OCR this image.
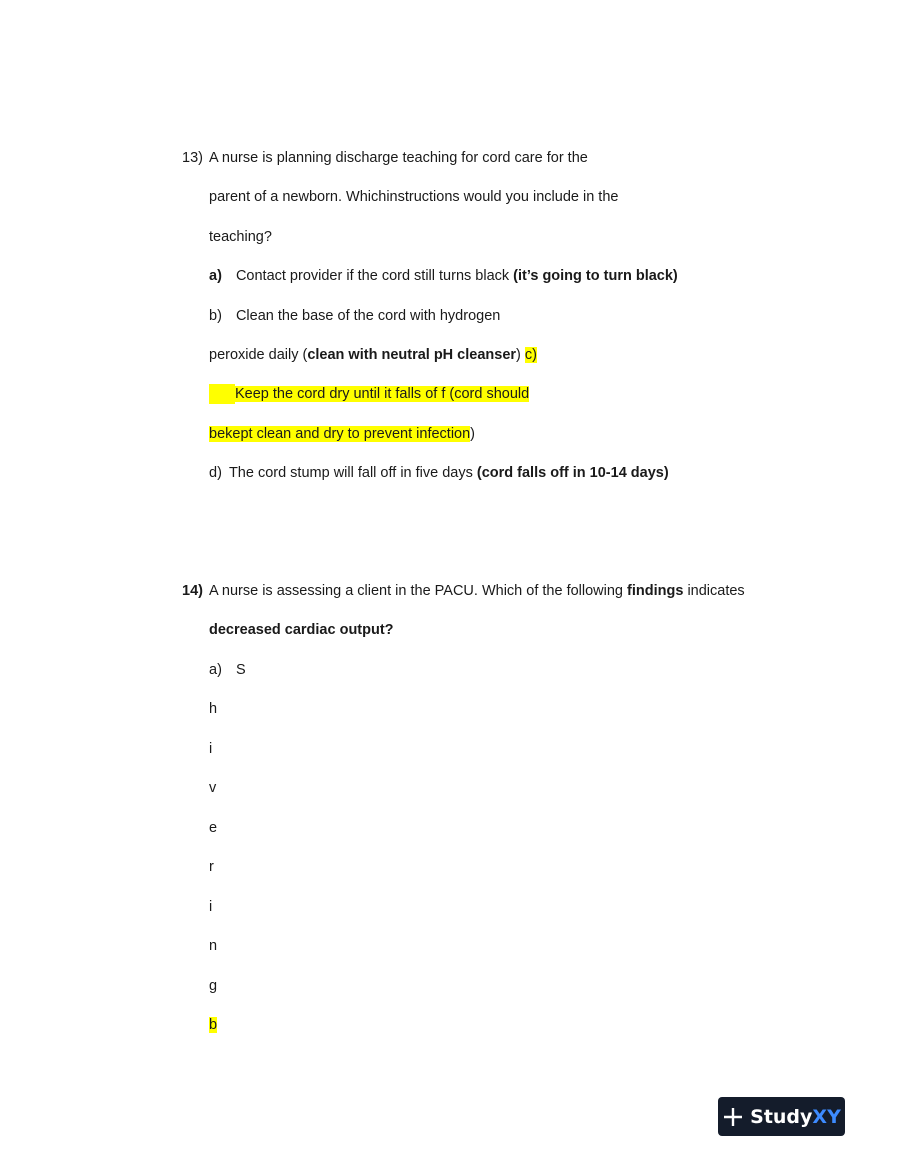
13) A nurse is planning discharge teaching for cord care for the
parent of a newborn. Whichinstructions would you include in the
teaching?
a) Contact provider if the cord still turns black (it’s going to turn black)
b) Clean the base of the cord with hydrogen
peroxide daily (clean with neutral pH cleanser) c)
Keep the cord dry until it falls of f (cord should
bekept clean and dry to prevent infection)
d) The cord stump will fall off in five days (cord falls off in 10-14 days)
14) A nurse is assessing a client in the PACU. Which of the following findings indicates
decreased cardiac output?
a) S
h
i
v
e
r
i
n
g
b
Study XY
